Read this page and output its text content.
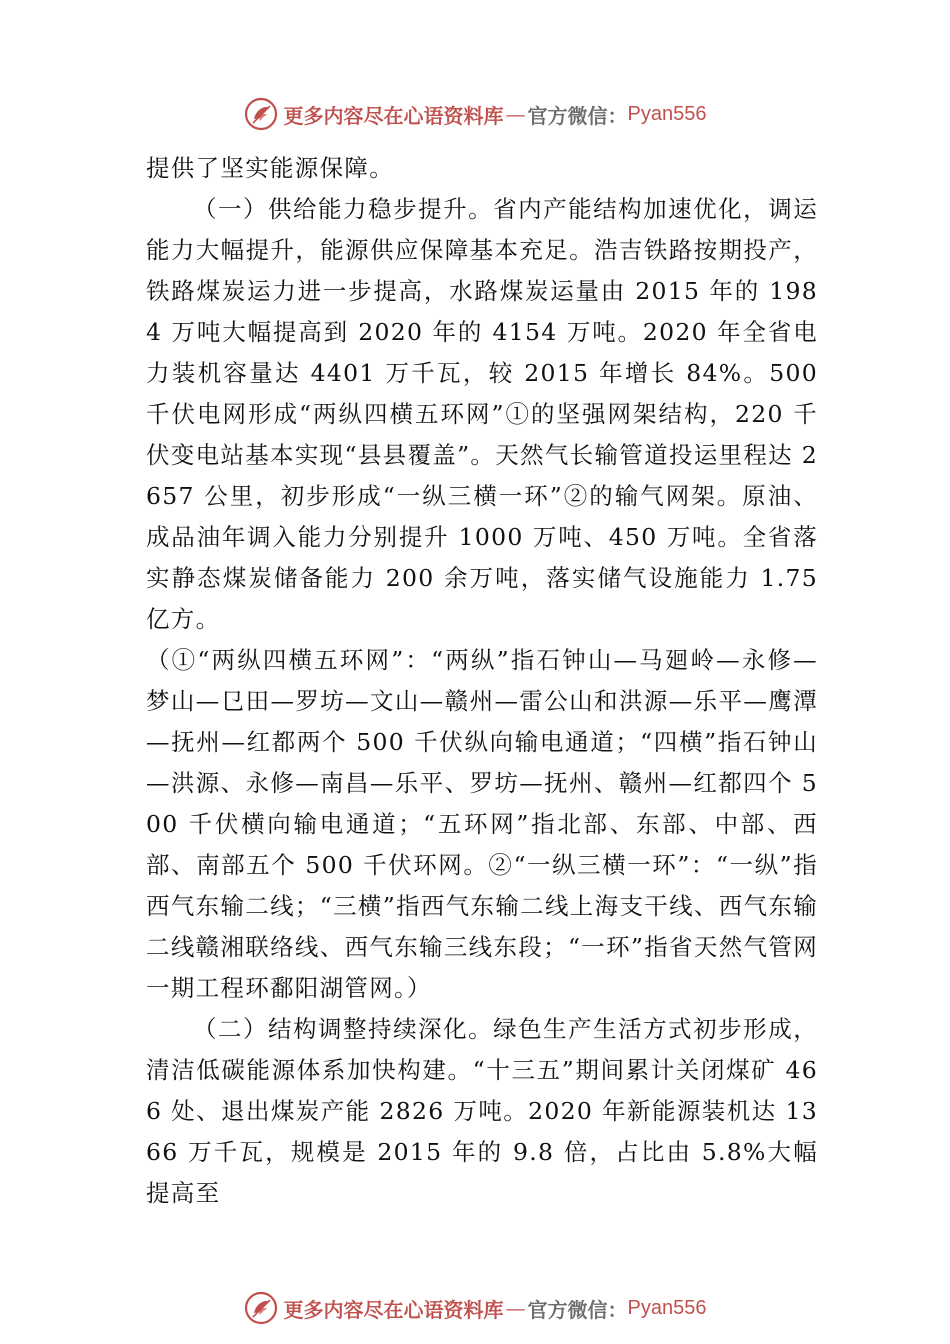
更多内容尽在心语资料库 — 官方微信： Pyan556

提供了坚实能源保障。

（一）供给能力稳步提升。省内产能结构加速优化，调运能力大幅提升，能源供应保障基本充足。浩吉铁路按期投产，铁路煤炭运力进一步提高，水路煤炭运量由 2015 年的 1984 万吨大幅提高到 2020 年的 4154 万吨。2020 年全省电力装机容量达 4401 万千瓦，较 2015 年增长 84%。500 千伏电网形成“两纵四横五环网”①的坚强网架结构，220 千伏变电站基本实现“县县覆盖”。天然气长输管道投运里程达 2657 公里，初步形成“一纵三横一环”②的输气网架。原油、成品油年调入能力分别提升 1000 万吨、450 万吨。全省落实静态煤炭储备能力 200 余万吨，落实储气设施能力 1.75 亿方。

（①“两纵四横五环网”：“两纵”指石钟山—马廻岭—永修—梦山—㔾田—罗坊—文山—赣州—雷公山和洪源—乐平—鹰潭—抚州—红都两个 500 千伏纵向输电通道；“四横”指石钟山—洪源、永修—南昌—乐平、罗坊—抚州、赣州—红都四个 500 千伏横向输电通道；“五环网”指北部、东部、中部、西部、南部五个 500 千伏环网。②“一纵三横一环”：“一纵”指西气东输二线；“三横”指西气东输二线上海支干线、西气东输二线赣湘联络线、西气东输三线东段；“一环”指省天然气管网一期工程环鄱阳湖管网。）

（二）结构调整持续深化。绿色生产生活方式初步形成，清洁低碳能源体系加快构建。“十三五”期间累计关闭煤矿 466 处、退出煤炭产能 2826 万吨。2020 年新能源装机达 1366 万千瓦，规模是 2015 年的 9.8 倍，占比由 5.8%大幅提高至

更多内容尽在心语资料库 — 官方微信： Pyan556
